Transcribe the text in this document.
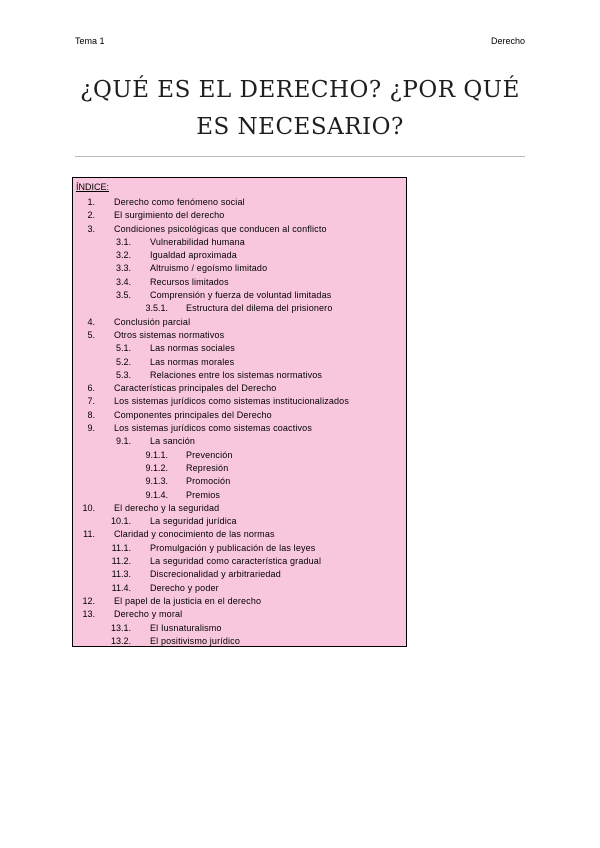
Tema 1	Derecho
¿QUÉ ES EL DERECHO? ¿POR QUÉ ES NECESARIO?
ÍNDICE:
1. Derecho como fenómeno social
2. El surgimiento del derecho
3. Condiciones psicológicas que conducen al conflicto
3.1. Vulnerabilidad humana
3.2. Igualdad aproximada
3.3. Altruismo / egoísmo limitado
3.4. Recursos limitados
3.5. Comprensión y fuerza de voluntad limitadas
3.5.1. Estructura del dilema del prisionero
4. Conclusión parcial
5. Otros sistemas normativos
5.1. Las normas sociales
5.2. Las normas morales
5.3. Relaciones entre los sistemas normativos
6. Características principales del Derecho
7. Los sistemas jurídicos como sistemas institucionalizados
8. Componentes principales del Derecho
9. Los sistemas jurídicos como sistemas coactivos
9.1. La sanción
9.1.1. Prevención
9.1.2. Represión
9.1.3. Promoción
9.1.4. Premios
10. El derecho y la seguridad
10.1. La seguridad jurídica
11. Claridad y conocimiento de las normas
11.1. Promulgación y publicación de las leyes
11.2. La seguridad como característica gradual
11.3. Discrecionalidad y arbitrariedad
11.4. Derecho y poder
12. El papel de la justicia en el derecho
13. Derecho y moral
13.1. El Iusnaturalismo
13.2. El positivismo jurídico
